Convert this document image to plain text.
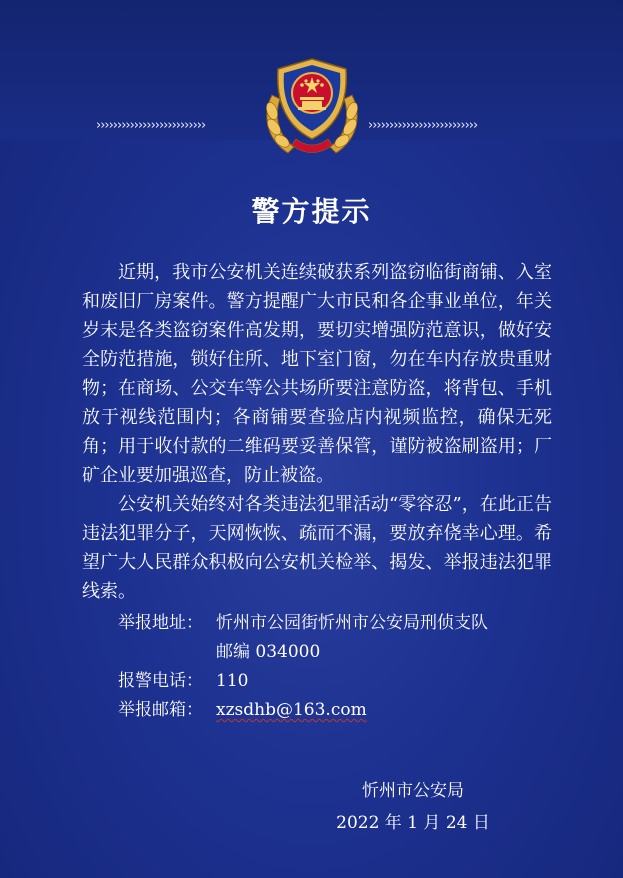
››››››››››››››››››››››››››	››››››››››››››››››››››››››
警方提示

近期，我市公安机关连续破获系列盗窃临街商铺、入室和废旧厂房案件。警方提醒广大市民和各企事业单位，年关岁末是各类盗窃案件高发期，要切实增强防范意识，做好安全防范措施，锁好住所、地下室门窗，勿在车内存放贵重财物；在商场、公交车等公共场所要注意防盗，将背包、手机放于视线范围内；各商铺要查验店内视频监控，确保无死角；用于收付款的二维码要妥善保管，谨防被盗刷盗用；厂矿企业要加强巡查，防止被盗。

公安机关始终对各类违法犯罪活动“零容忍”，在此正告违法犯罪分子，天网恢恢、疏而不漏，要放弃侥幸心理。希望广大人民群众积极向公安机关检举、揭发、举报违法犯罪线索。

举报地址： 忻州市公园街忻州市公安局刑侦支队
邮编 034000
报警电话： 110
举报邮箱： xzsdhb@163.com
忻州市公安局
2022 年 1 月 24 日
